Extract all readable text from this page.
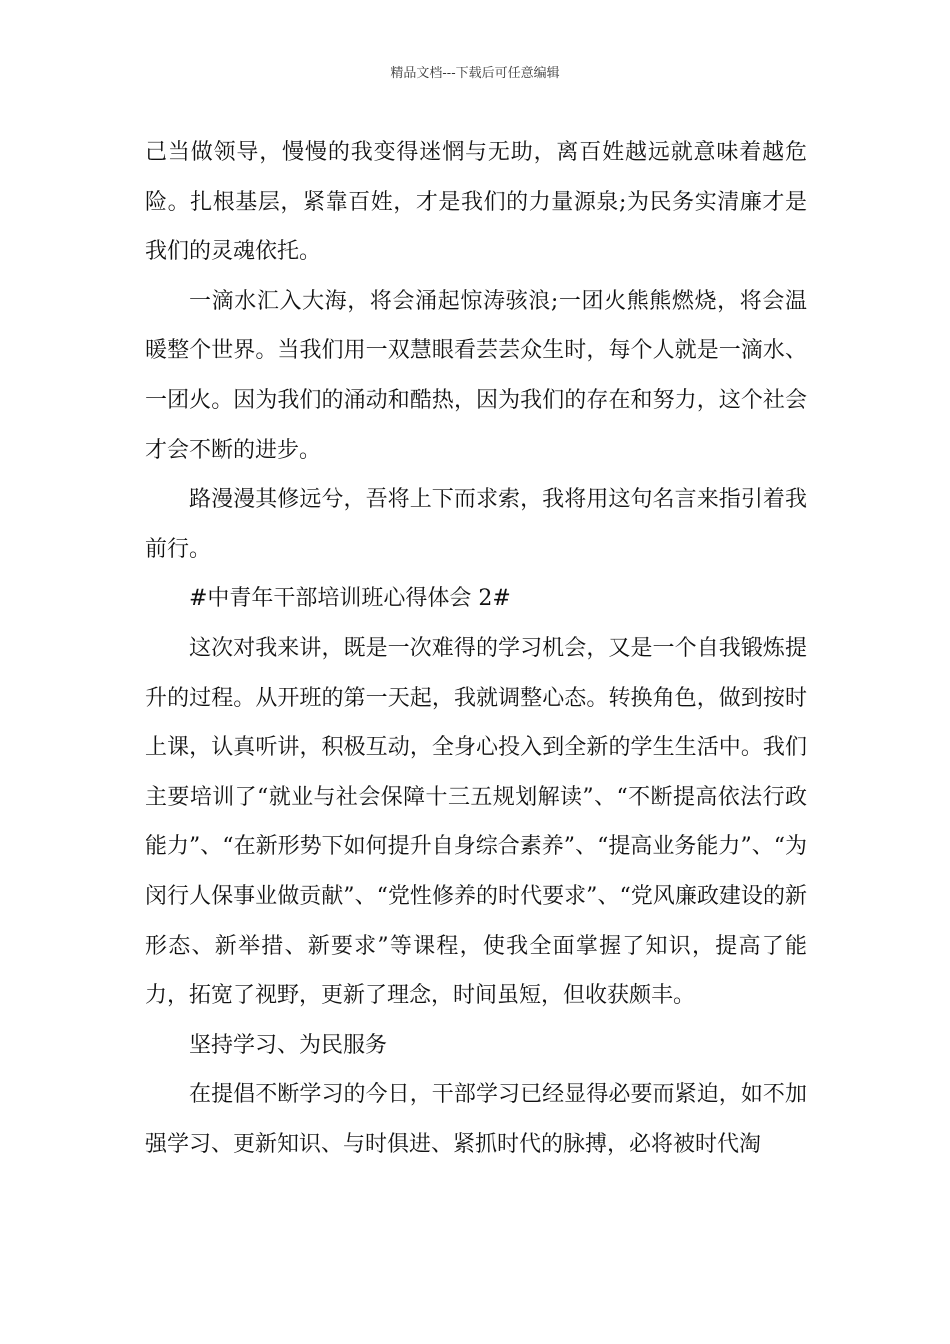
精品文档---下载后可任意编辑

己当做领导，慢慢的我变得迷惘与无助，离百姓越远就意味着越危险。扎根基层，紧靠百姓，才是我们的力量源泉;为民务实清廉才是我们的灵魂依托。

一滴水汇入大海，将会涌起惊涛骇浪;一团火熊熊燃烧，将会温暖整个世界。当我们用一双慧眼看芸芸众生时，每个人就是一滴水、一团火。因为我们的涌动和酷热，因为我们的存在和努力，这个社会才会不断的进步。

路漫漫其修远兮，吾将上下而求索，我将用这句名言来指引着我前行。

#中青年干部培训班心得体会 2#

这次对我来讲，既是一次难得的学习机会，又是一个自我锻炼提升的过程。从开班的第一天起，我就调整心态。转换角色，做到按时上课，认真听讲，积极互动，全身心投入到全新的学生生活中。我们主要培训了“就业与社会保障十三五规划解读”、“不断提高依法行政能力”、“在新形势下如何提升自身综合素养”、“提高业务能力”、“为闵行人保事业做贡献”、“党性修养的时代要求”、“党风廉政建设的新形态、新举措、新要求”等课程，使我全面掌握了知识，提高了能力，拓宽了视野，更新了理念，时间虽短，但收获颇丰。

坚持学习、为民服务

在提倡不断学习的今日，干部学习已经显得必要而紧迫，如不加强学习、更新知识、与时俱进、紧抓时代的脉搏，必将被时代淘
